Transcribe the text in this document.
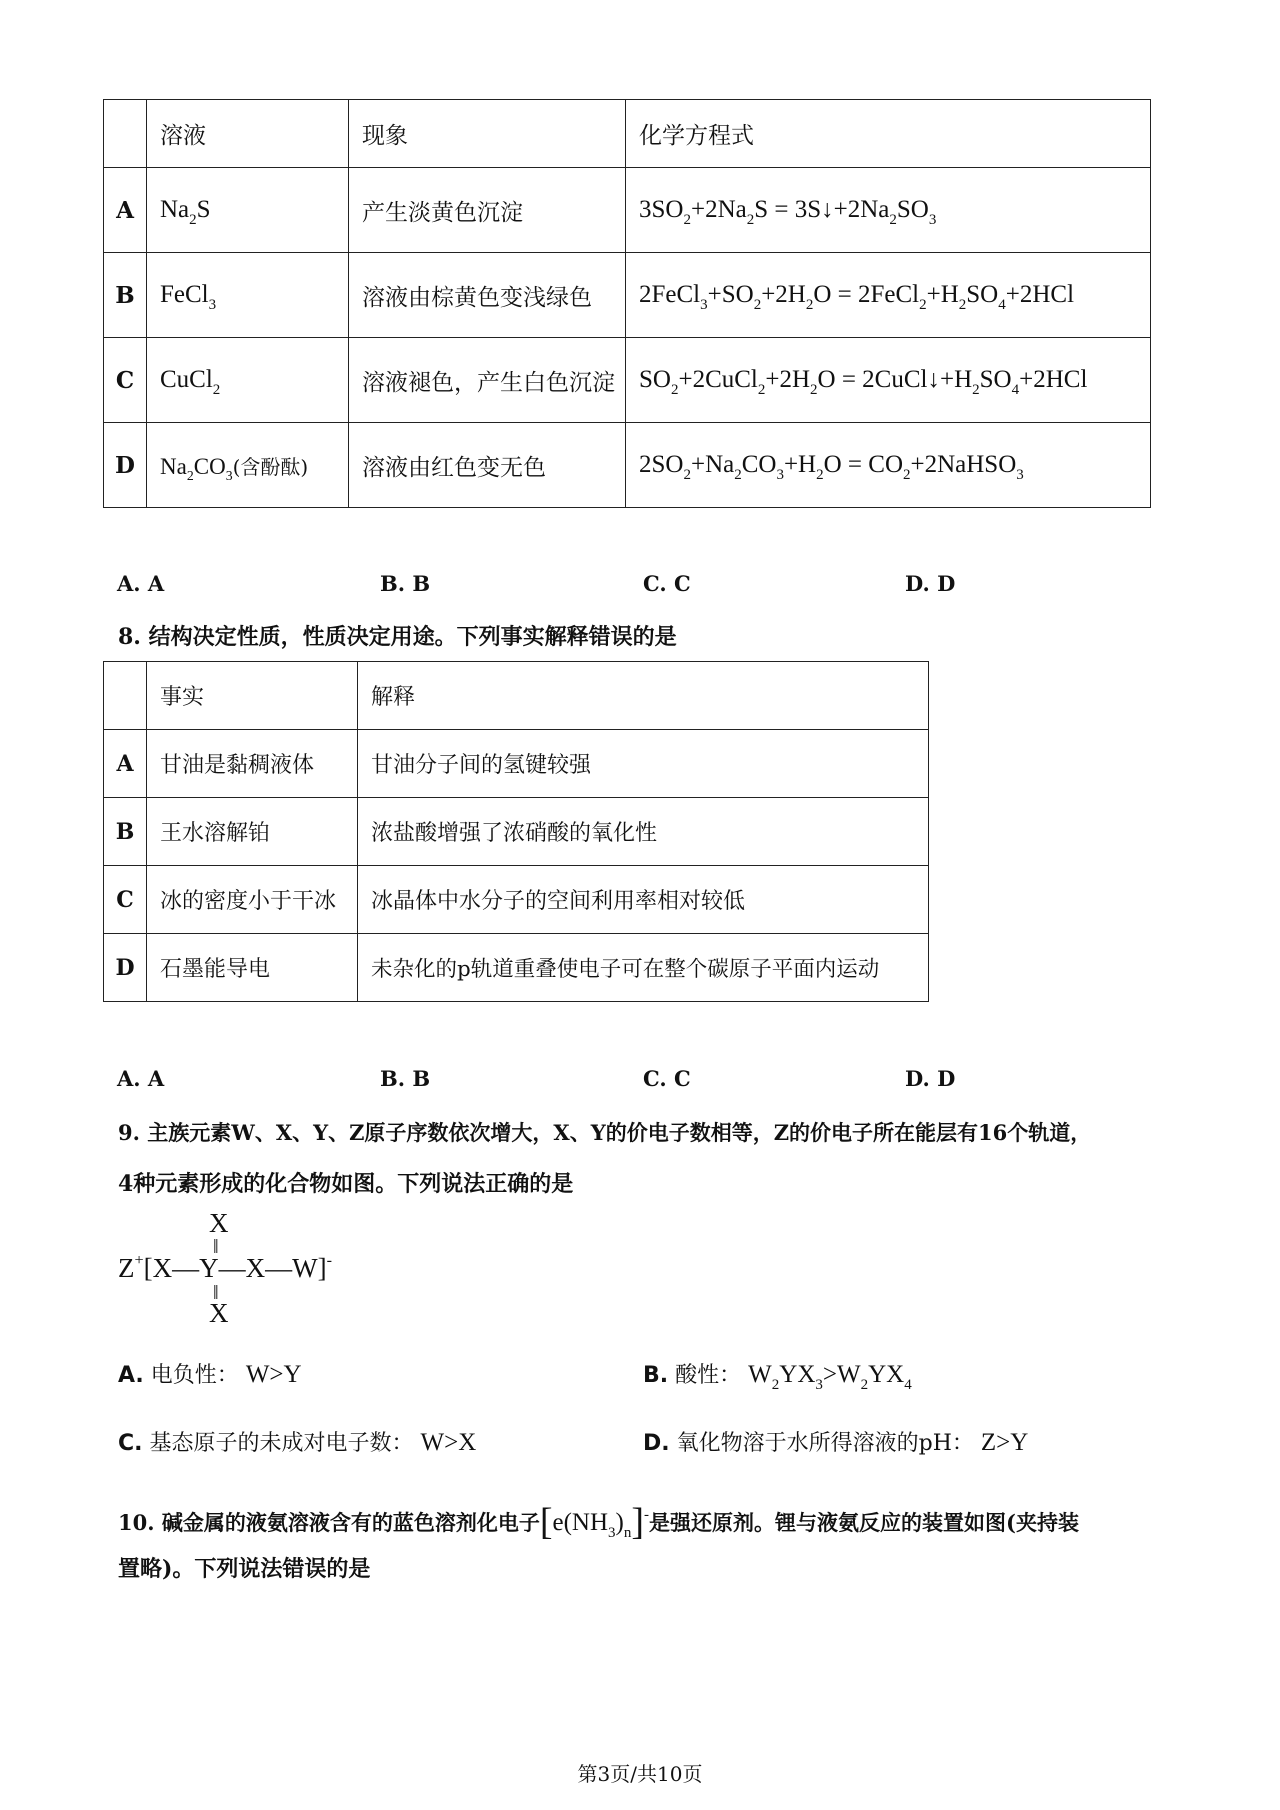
	溶液	现象	化学方程式
A	$Na_2S$	产生淡黄色沉淀	$3SO_2+2Na_2S$ = $3S↓+2Na_2SO_3$
B	FeCl$_3$	溶液由棕黄色变浅绿色	$2FeCl_3+SO_2+2H_2O$ = $2FeCl_2+H_2SO_4+2HCl$
C	CuCl$_2$	溶液褪色，产生白色沉淀	$SO_2+2CuCl_2+2H_2O$ = $2CuCl↓+H_2SO_4+2HCl$
D	$Na_2CO_3$(含酚酞)	溶液由红色变无色	$2SO_2+Na_2CO_3+H_2O$ = $CO_2+2NaHSO_3$
A. A	B. B	C. C	D. D
8. 结构决定性质，性质决定用途。下列事实解释错误的是
	事实	解释
A	甘油是黏稠液体	甘油分子间的氢键较强
B	王水溶解铂	浓盐酸增强了浓硝酸的氧化性
C	冰的密度小于干冰	冰晶体中水分子的空间利用率相对较低
D	石墨能导电	未杂化的p轨道重叠使电子可在整个碳原子平面内运动
A. A	B. B	C. C	D. D
9. 主族元素W、X、Y、Z原子序数依次增大，X、Y的价电子数相等，Z的价电子所在能层有16个轨道，
4种元素形成的化合物如图。下列说法正确的是
X
‖
Z+[X—Y—X—W]-
‖
X
A. 电负性： W>Y	B. 酸性： $W_2YX_3>W_2YX_4$
C. 基态原子的未成对电子数： W>X	D. 氧化物溶于水所得溶液的pH： Z>Y
10. 碱金属的液氨溶液含有的蓝色溶剂化电子$[e(NH_3)_n]^-$是强还原剂。锂与液氨反应的装置如图(夹持装
置略)。下列说法错误的是
第3页/共10页
